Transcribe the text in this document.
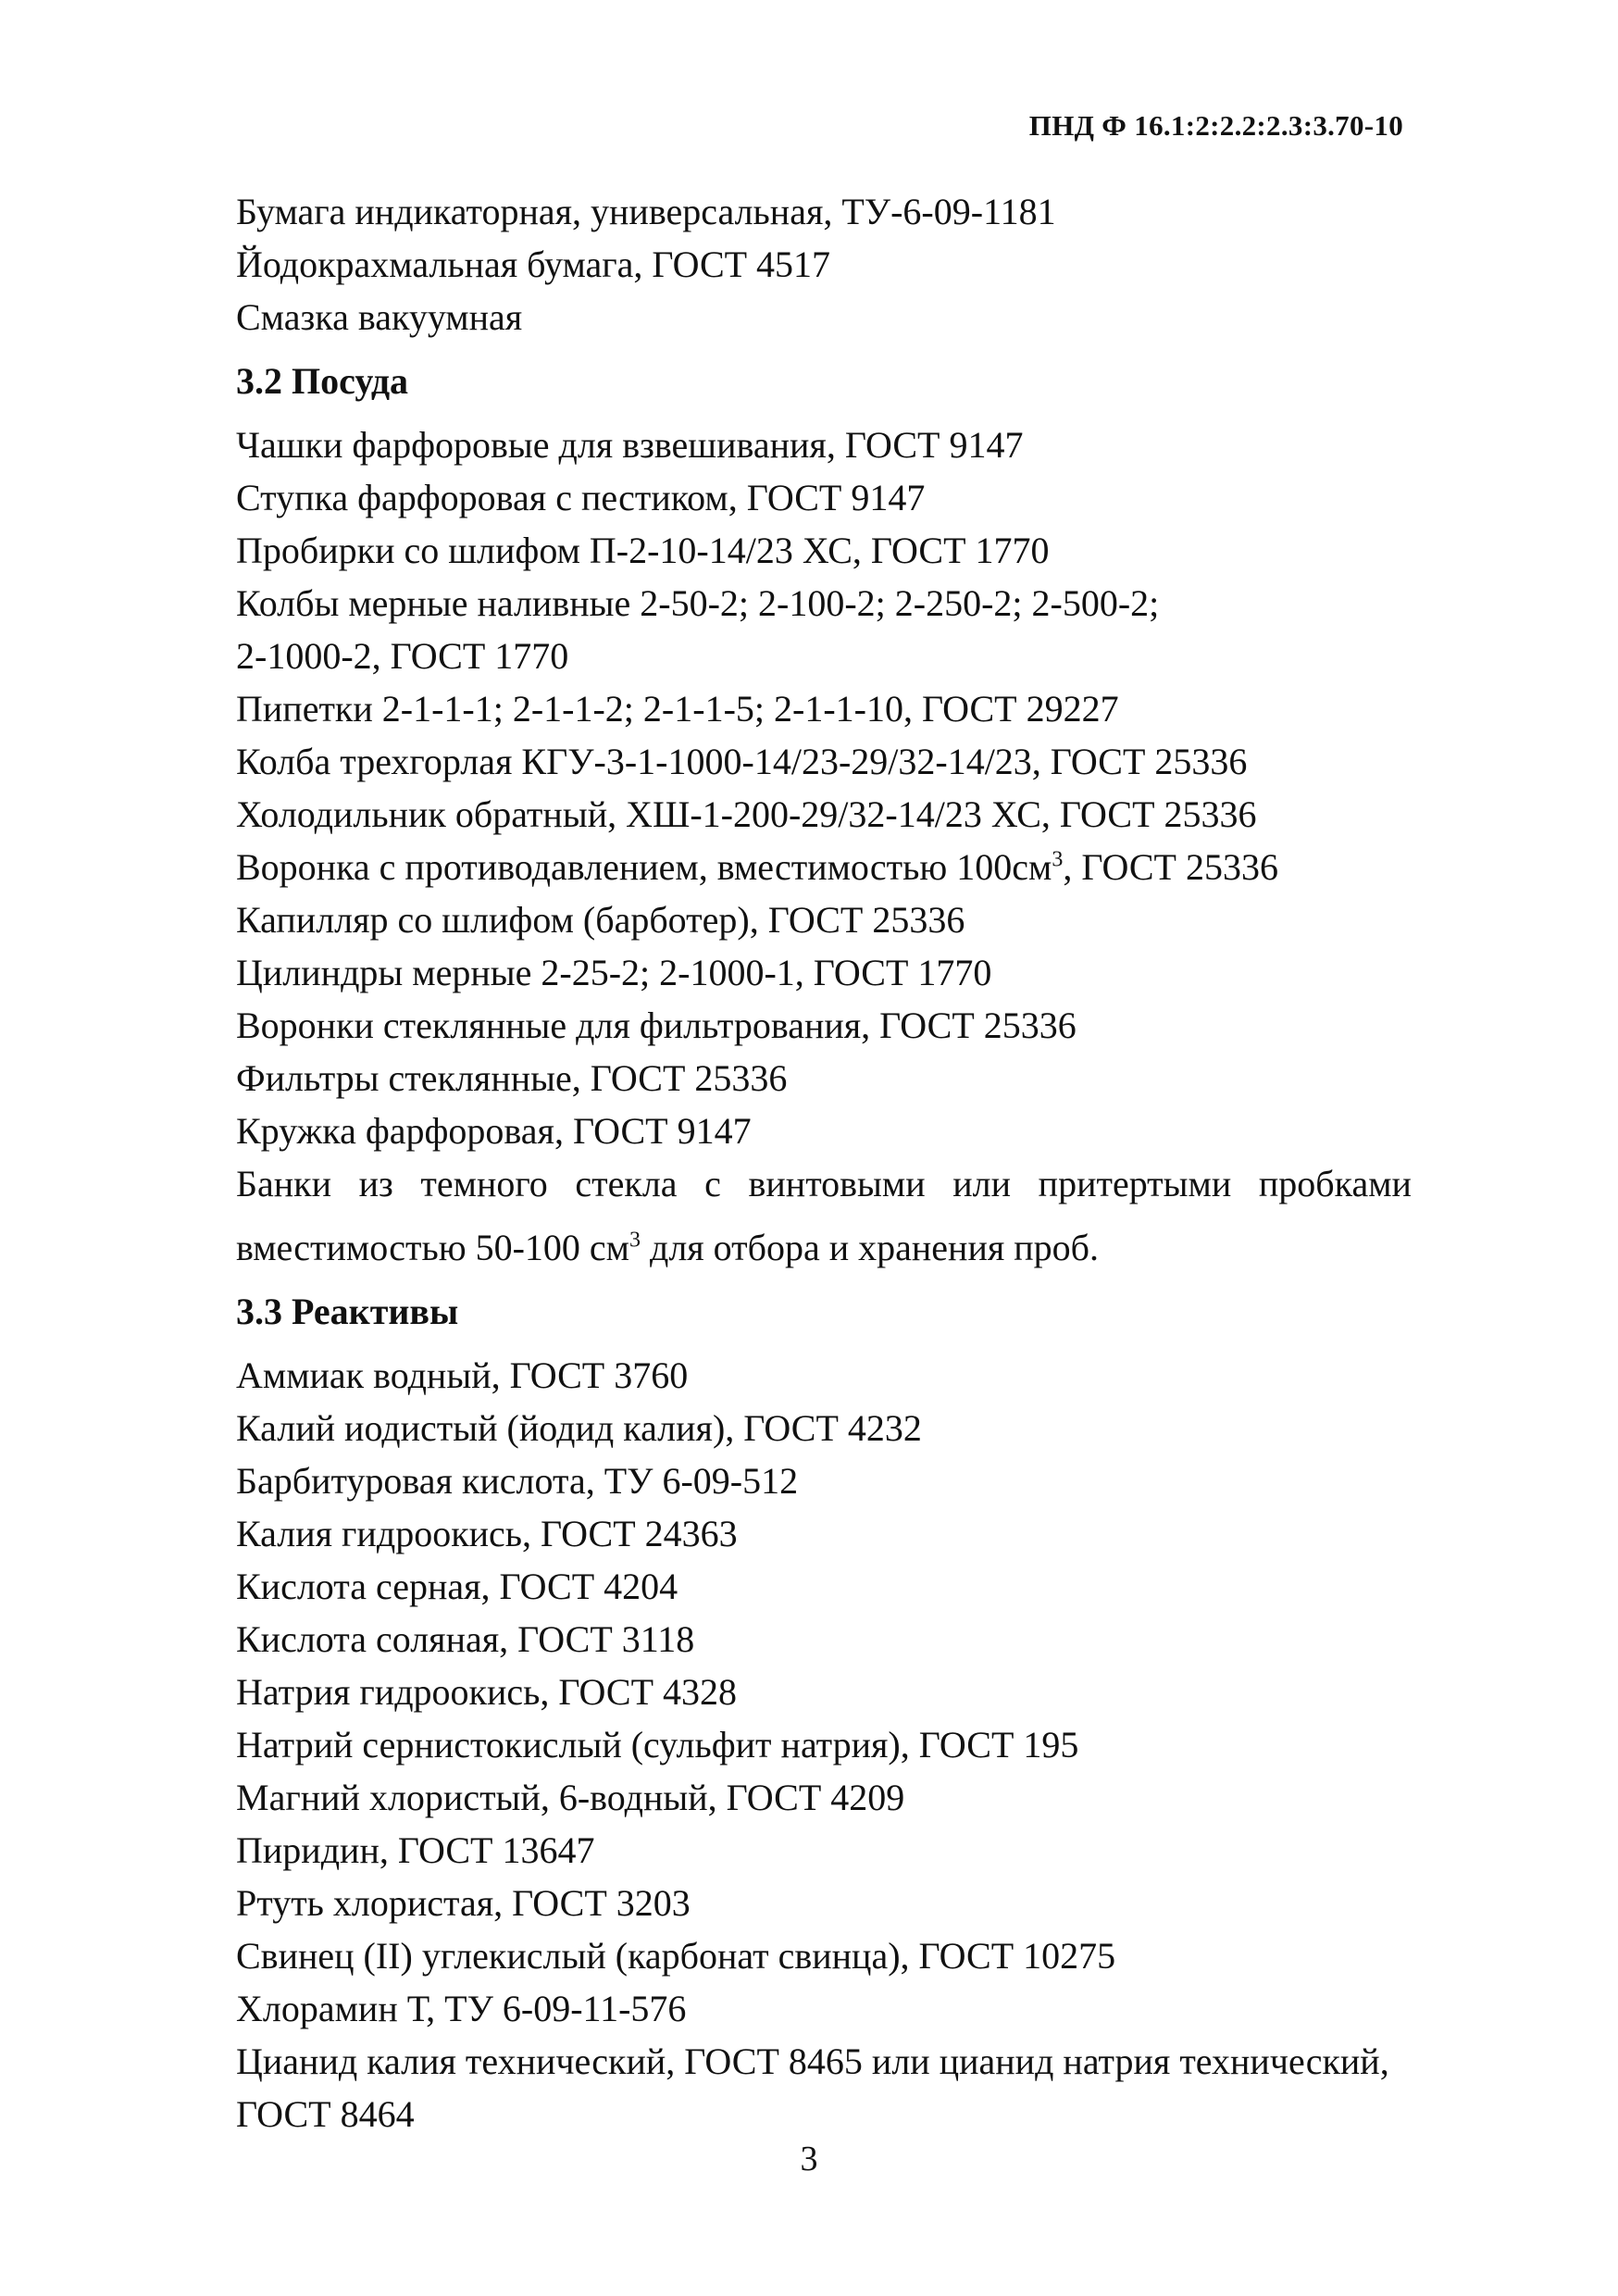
ПНД Ф 16.1:2:2.2:2.3:3.70-10
Бумага индикаторная, универсальная, ТУ-6-09-1181
Йодокрахмальная бумага, ГОСТ 4517
Смазка вакуумная
3.2 Посуда
Чашки фарфоровые для взвешивания, ГОСТ 9147
Ступка фарфоровая с пестиком, ГОСТ 9147
Пробирки со шлифом П-2-10-14/23 ХС, ГОСТ 1770
Колбы мерные наливные 2-50-2; 2-100-2; 2-250-2; 2-500-2;
2-1000-2, ГОСТ 1770
Пипетки 2-1-1-1; 2-1-1-2; 2-1-1-5; 2-1-1-10, ГОСТ 29227
Колба трехгорлая КГУ-3-1-1000-14/23-29/32-14/23, ГОСТ 25336
Холодильник обратный, ХШ-1-200-29/32-14/23 ХС, ГОСТ 25336
Воронка с противодавлением, вместимостью $100см^3$, ГОСТ 25336
Капилляр со шлифом (барботер), ГОСТ 25336
Цилиндры мерные 2-25-2; 2-1000-1, ГОСТ 1770
Воронки стеклянные для фильтрования, ГОСТ 25336
Фильтры стеклянные, ГОСТ 25336
Кружка фарфоровая, ГОСТ 9147
Банки из темного стекла с винтовыми или притертыми пробками
вместимостью 50-100 $см^3$ для отбора и хранения проб.
3.3 Реактивы
Аммиак водный, ГОСТ 3760
Калий иодистый (йодид калия), ГОСТ 4232
Барбитуровая кислота, ТУ 6-09-512
Калия гидроокись, ГОСТ 24363
Кислота серная, ГОСТ 4204
Кислота соляная, ГОСТ 3118
Натрия гидроокись, ГОСТ 4328
Натрий сернистокислый (сульфит натрия), ГОСТ 195
Магний хлористый, 6-водный, ГОСТ 4209
Пиридин, ГОСТ 13647
Ртуть хлористая, ГОСТ 3203
Свинец (II) углекислый (карбонат свинца), ГОСТ 10275
Хлорамин Т, ТУ 6-09-11-576
Цианид калия технический, ГОСТ 8465 или цианид натрия технический,
ГОСТ 8464
3
